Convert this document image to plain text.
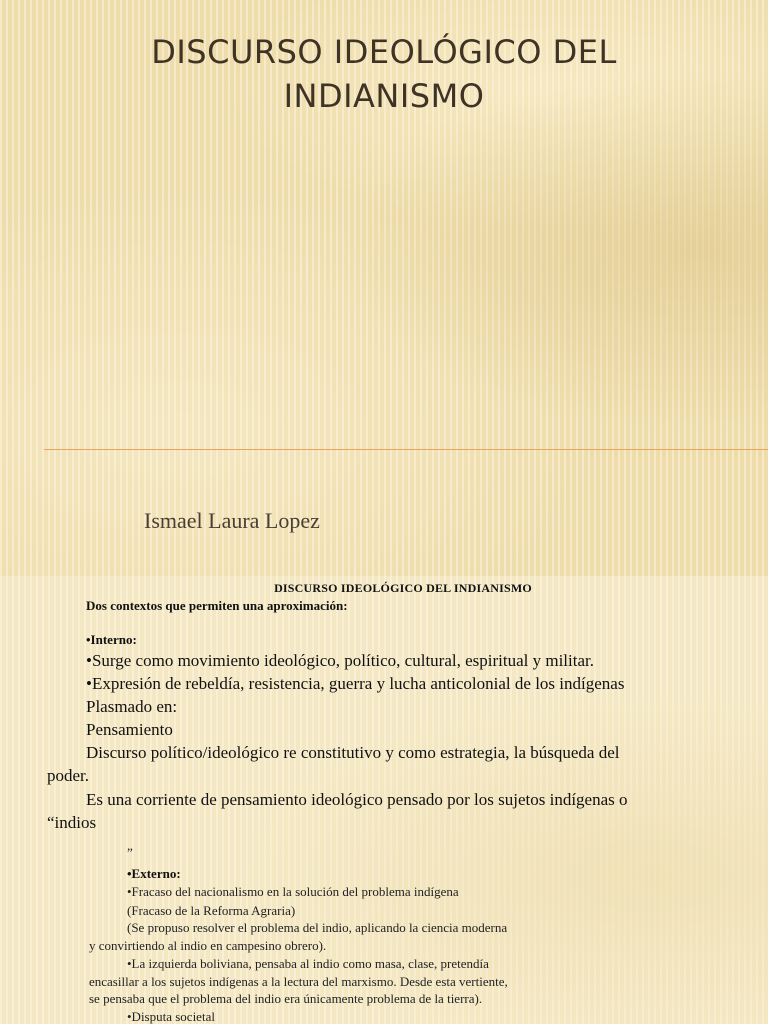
DISCURSO IDEOLÓGICO DEL
INDIANISMO
Ismael Laura Lopez
DISCURSO IDEOLÓGICO DEL INDIANISMO
Dos contextos que permiten una aproximación:
•Interno:
•Surge como movimiento ideológico, político, cultural, espiritual y militar.
•Expresión de rebeldía, resistencia, guerra y lucha anticolonial de los indígenas
Plasmado en:
Pensamiento
Discurso político/ideológico re constitutivo y como estrategia, la búsqueda del
poder.
Es una corriente de pensamiento ideológico pensado por los sujetos indígenas o
“indios
”
•Externo:
•Fracaso del nacionalismo en la solución del problema indígena
(Fracaso de la Reforma Agraria)
(Se propuso resolver el problema del indio, aplicando la ciencia moderna
y convirtiendo al indio en campesino obrero).
•La izquierda boliviana, pensaba al indio como masa, clase, pretendía
encasillar a los sujetos indígenas a la lectura del marxismo. Desde esta vertiente,
se pensaba que el problema del indio era únicamente problema de la tierra).
•Disputa societal
